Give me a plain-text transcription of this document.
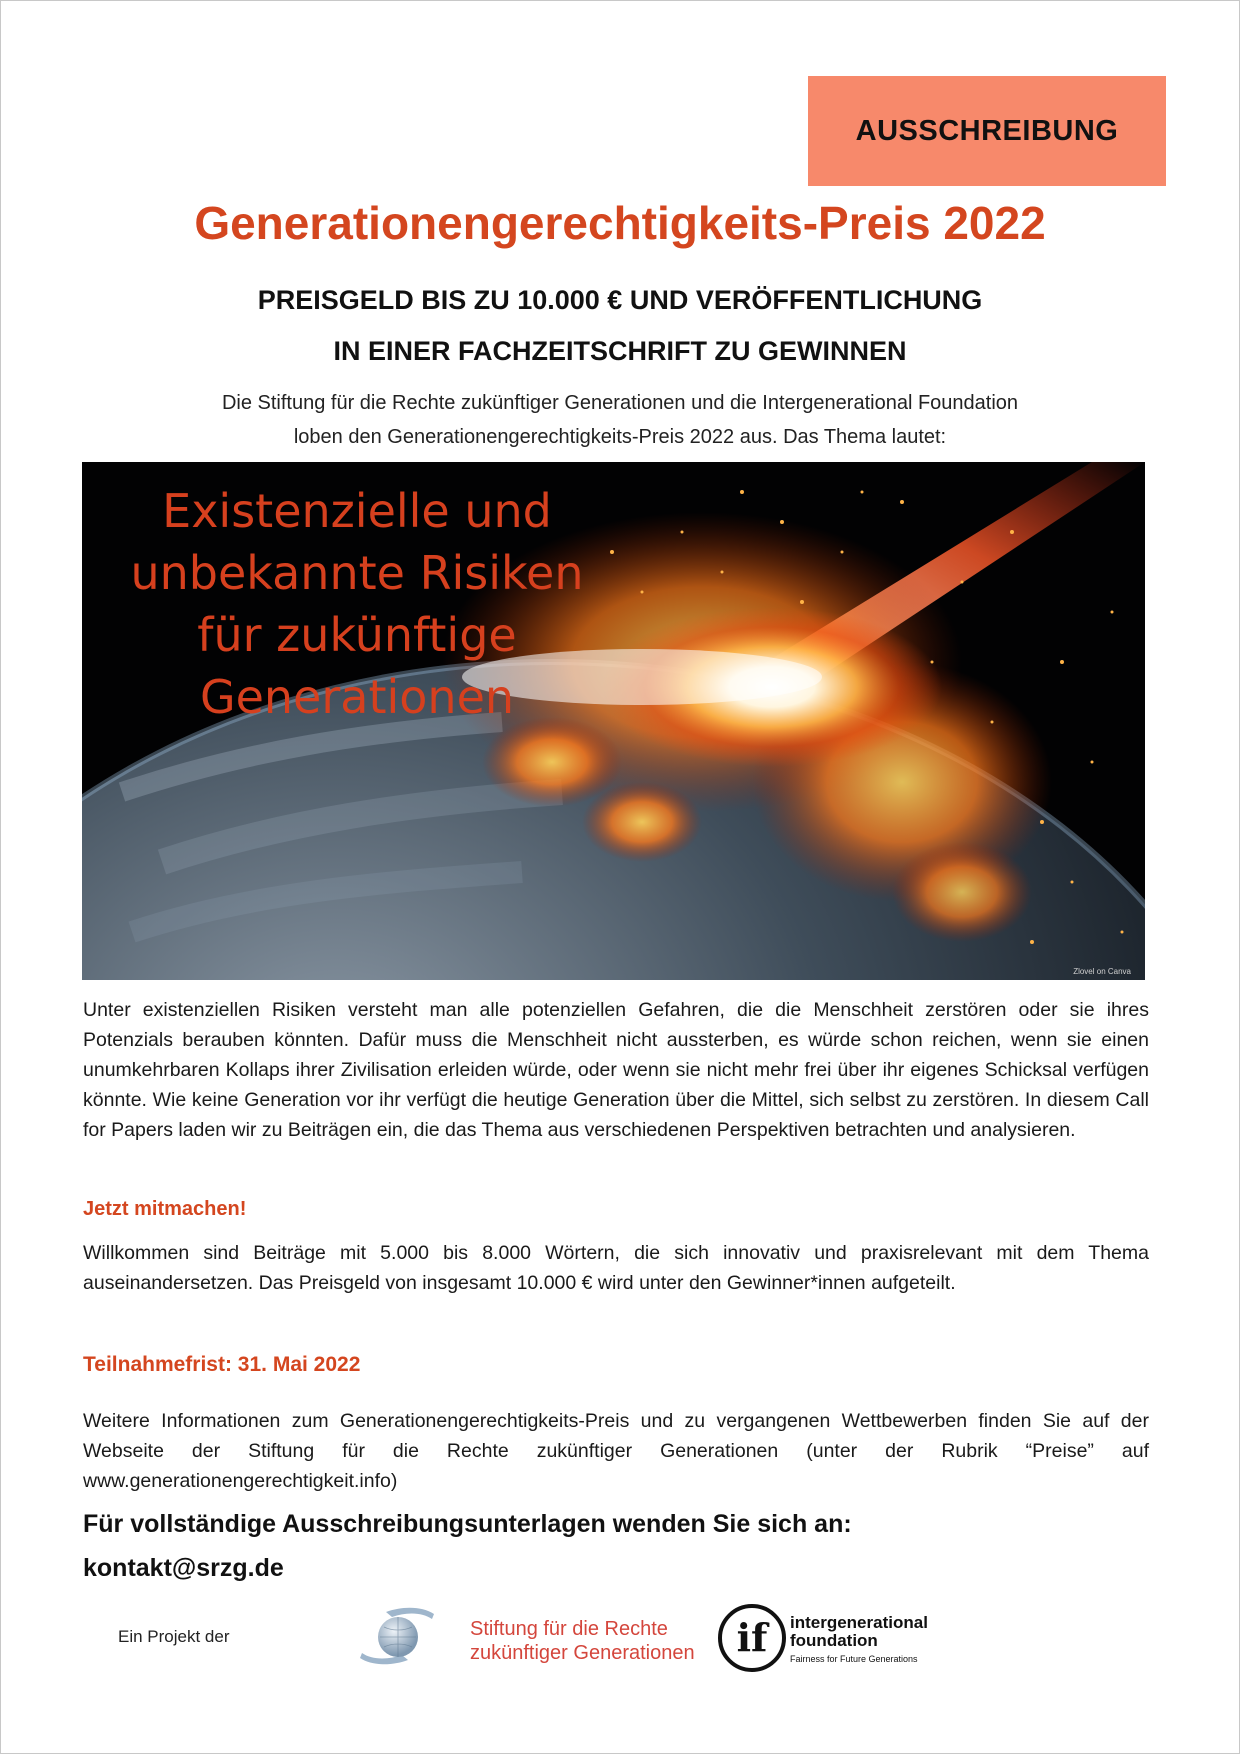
AUSSCHREIBUNG
Generationengerechtigkeits-Preis 2022
PREISGELD BIS ZU 10.000 € UND VERÖFFENTLICHUNG
IN EINER FACHZEITSCHRIFT ZU GEWINNEN
Die Stiftung für die Rechte zukünftiger Generationen und die Intergenerational Foundation
loben den Generationengerechtigkeits-Preis 2022 aus. Das Thema lautet:
Existenzielle und
unbekannte Risiken
für zukünftige
Generationen
Zlovel on Canva

Unter existenziellen Risiken versteht man alle potenziellen Gefahren, die die Menschheit zerstören oder sie ihres Potenzials berauben könnten. Dafür muss die Menschheit nicht aussterben, es würde schon reichen, wenn sie einen unumkehrbaren Kollaps ihrer Zivilisation erleiden würde, oder wenn sie nicht mehr frei über ihr eigenes Schicksal verfügen könnte. Wie keine Generation vor ihr verfügt die heutige Generation über die Mittel, sich selbst zu zerstören. In diesem Call for Papers laden wir zu Beiträgen ein, die das Thema aus verschiedenen Perspektiven betrachten und analysieren.

Jetzt mitmachen!

Willkommen sind Beiträge mit 5.000 bis 8.000 Wörtern, die sich innovativ und praxisrelevant mit dem Thema auseinandersetzen. Das Preisgeld von insgesamt 10.000 € wird unter den Gewinner*innen aufgeteilt.

Teilnahmefrist: 31. Mai 2022

Weitere Informationen zum Generationengerechtigkeits-Preis und zu vergangenen Wettbewerben finden Sie auf der Webseite der Stiftung für die Rechte zukünftiger Generationen (unter der Rubrik “Preise” auf www.generationengerechtigkeit.info)

Für vollständige Ausschreibungsunterlagen wenden Sie sich an:
kontakt@srzg.de
Ein Projekt der	Stiftung für die Rechte
zukünftiger Generationen if intergenerational
foundation
Fairness for Future Generations
